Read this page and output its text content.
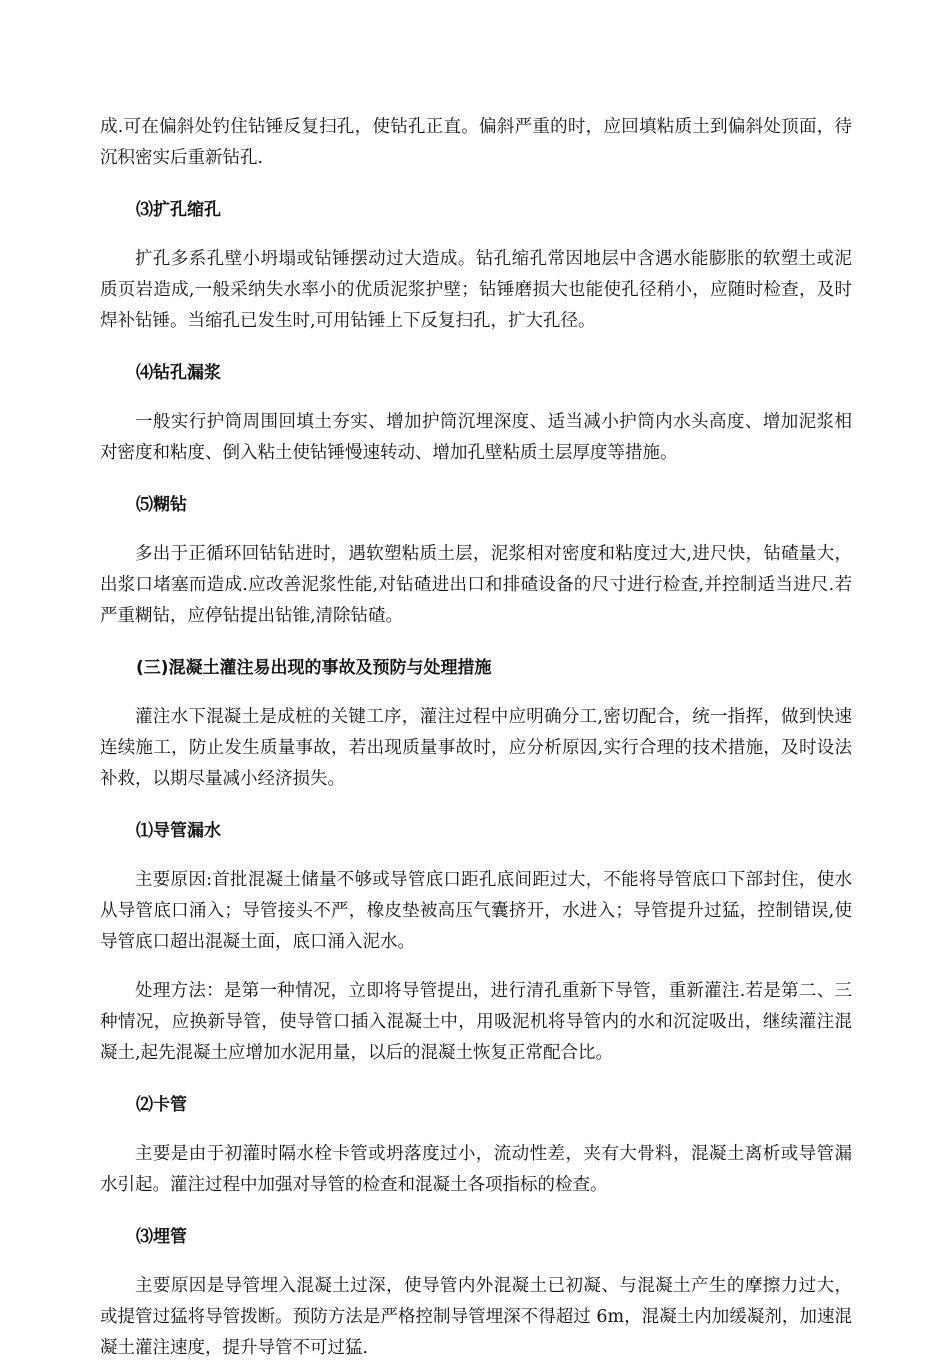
成.可在偏斜处钓住钻锤反复扫孔，使钻孔正直。偏斜严重的时，应回填粘质土到偏斜处顶面，待沉积密实后重新钻孔.

⑶扩孔缩孔

扩孔多系孔壁小坍塌或钻锤摆动过大造成。钻孔缩孔常因地层中含遇水能膨胀的软塑土或泥质页岩造成,一般采纳失水率小的优质泥浆护壁；钻锤磨损大也能使孔径稍小，应随时检查，及时焊补钻锤。当缩孔已发生时,可用钻锤上下反复扫孔，扩大孔径。

⑷钻孔漏浆

一般实行护筒周围回填土夯实、增加护筒沉埋深度、适当减小护筒内水头高度、增加泥浆相对密度和粘度、倒入粘土使钻锤慢速转动、增加孔壁粘质土层厚度等措施。

⑸糊钻

多出于正循环回钻钻进时，遇软塑粘质土层，泥浆相对密度和粘度过大,进尺快，钻碴量大，出浆口堵塞而造成.应改善泥浆性能,对钻碴进出口和排碴设备的尺寸进行检查,并控制适当进尺.若严重糊钻，应停钻提出钻锥,清除钻碴。

(三)混凝土灌注易出现的事故及预防与处理措施

灌注水下混凝土是成桩的关键工序，灌注过程中应明确分工,密切配合，统一指挥，做到快速连续施工，防止发生质量事故，若出现质量事故时，应分析原因,实行合理的技术措施，及时设法补救，以期尽量减小经济损失。

⑴导管漏水

主要原因:首批混凝土储量不够或导管底口距孔底间距过大，不能将导管底口下部封住，使水从导管底口涌入；导管接头不严，橡皮垫被高压气囊挤开，水进入；导管提升过猛，控制错误,使导管底口超出混凝土面，底口涌入泥水。

处理方法：是第一种情况，立即将导管提出，进行清孔重新下导管，重新灌注.若是第二、三种情况，应换新导管，使导管口插入混凝土中，用吸泥机将导管内的水和沉淀吸出，继续灌注混凝土,起先混凝土应增加水泥用量，以后的混凝土恢复正常配合比。

⑵卡管

主要是由于初灌时隔水栓卡管或坍落度过小，流动性差，夹有大骨料，混凝土离析或导管漏水引起。灌注过程中加强对导管的检查和混凝土各项指标的检查。

⑶埋管

主要原因是导管埋入混凝土过深，使导管内外混凝土已初凝、与混凝土产生的摩擦力过大，或提管过猛将导管拨断。预防方法是严格控制导管埋深不得超过 6m，混凝土内加缓凝剂，加速混凝土灌注速度，提升导管不可过猛.
